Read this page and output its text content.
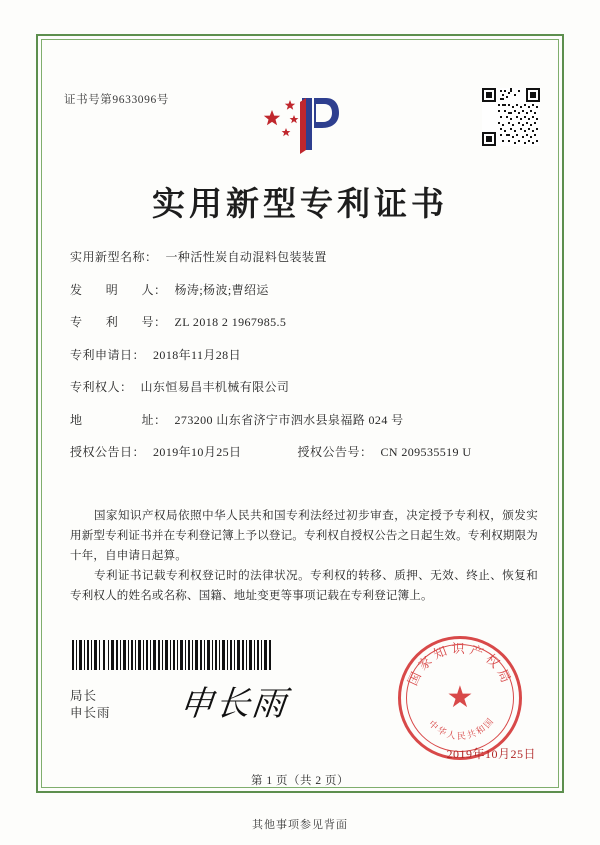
证书号第9633096号
实用新型专利证书
实用新型名称 ： 一种活性炭自动混料包装装置
发明人 ： 杨涛;杨波;曹绍运
专利号 ： ZL 2018 2 1967985.5
专利申请日 ： 2018年11月28日
专利权人 ： 山东恒易昌丰机械有限公司
地址 ： 273200 山东省济宁市泗水县泉福路 024 号
授权公告日 ： 2019年10月25日	授权公告号 ： CN 209535519 U
国家知识产权局依照中华人民共和国专利法经过初步审查，决定授予专利权，颁发实用新型专利证书并在专利登记簿上予以登记。专利权自授权公告之日起生效。专利权期限为十年，自申请日起算。
专利证书记载专利权登记时的法律状况。专利权的转移、质押、无效、终止、恢复和专利权人的姓名或名称、国籍、地址变更等事项记载在专利登记簿上。
局长
申长雨 申长雨
国家知识产权局
中华人民共和国
★
2019年10月25日
第 1 页（共 2 页）
其他事项参见背面
